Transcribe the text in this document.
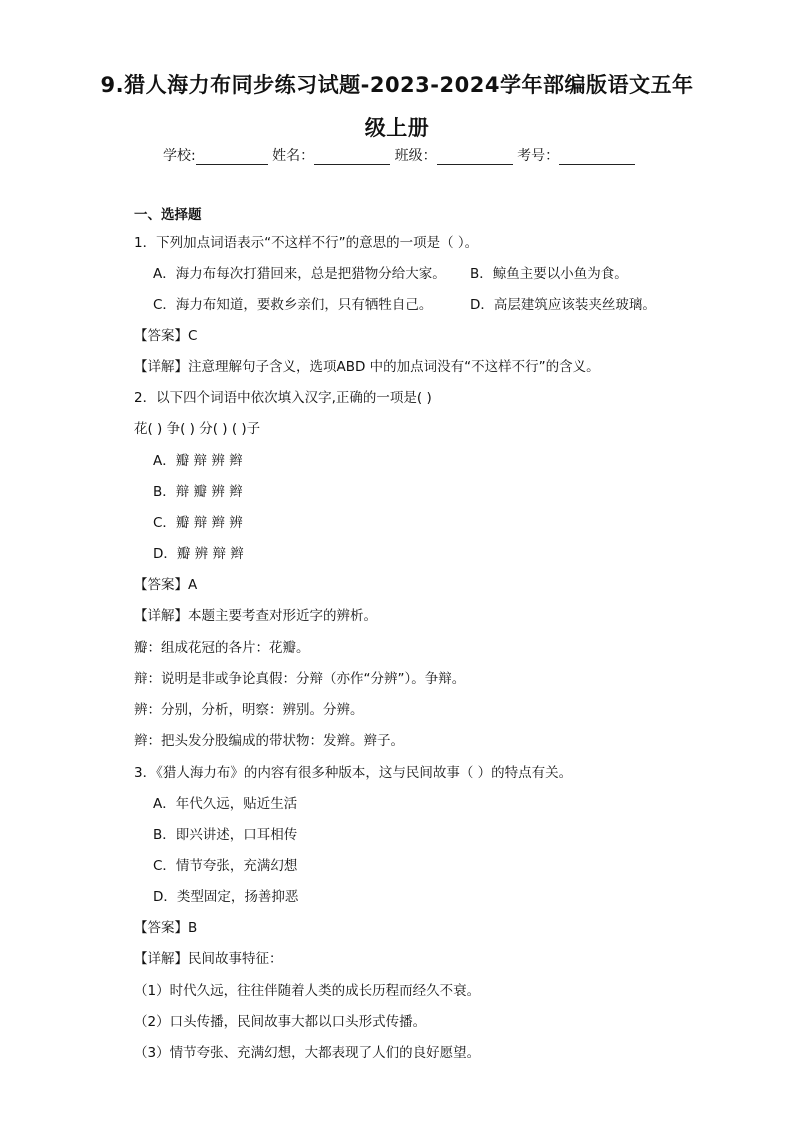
9.猎人海力布同步练习试题-2023-2024学年部编版语文五年
级上册
学校:	姓名：	班级：	考号：
一、选择题
1．下列加点词语表示“不这样不行”的意思的一项是（ ）。
A．海力布每次打猎回来，总是把猎物分给大家。 B．鲸鱼主要以小鱼为食。
C．海力布知道，要救乡亲们，只有牺牲自己。	D．高层建筑应该装夹丝玻璃。
【答案】C
【详解】注意理解句子含义，选项ABD 中的加点词没有“不这样不行”的含义。
2．以下四个词语中依次填入汉字,正确的一项是( )
花( ) 争( ) 分( ) ( )子
A．瓣 辩 辨 辫
B．辩 瓣 辨 辫
C．瓣 辩 辫 辨
D．瓣 辨 辩 辫
【答案】A
【详解】本题主要考查对形近字的辨析。
瓣：组成花冠的各片：花瓣。
辩：说明是非或争论真假：分辩（亦作“分辨”）。争辩。
辨：分别，分析，明察：辨别。分辨。
辫：把头发分股编成的带状物：发辫。辫子。
3．《猎人海力布》的内容有很多种版本，这与民间故事（ ）的特点有关。
A．年代久远，贴近生活
B．即兴讲述，口耳相传
C．情节夸张，充满幻想
D．类型固定，扬善抑恶
【答案】B
【详解】民间故事特征：
（1）时代久远，往往伴随着人类的成长历程而经久不衰。
（2）口头传播，民间故事大都以口头形式传播。
（3）情节夸张、充满幻想，大都表现了人们的良好愿望。
